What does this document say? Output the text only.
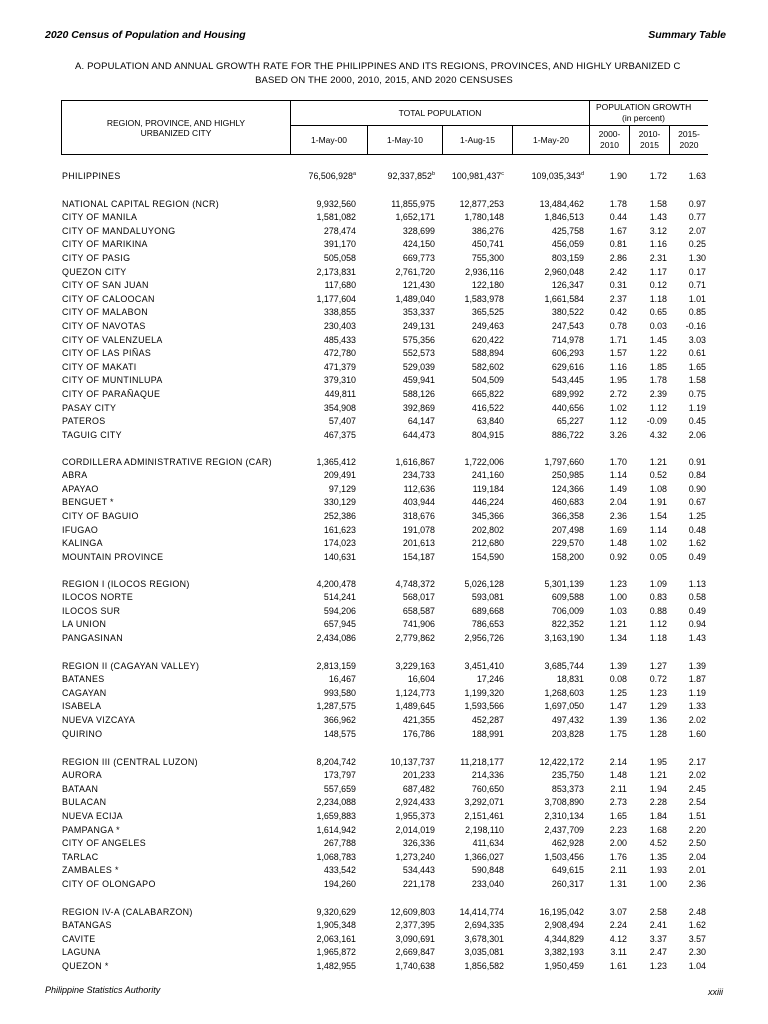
2020 Census of Population and Housing	Summary Table
A. POPULATION AND ANNUAL GROWTH RATE FOR THE PHILIPPINES AND ITS REGIONS, PROVINCES, AND HIGHLY URBANIZED C
BASED ON THE 2000, 2010, 2015, AND 2020 CENSUSES
REGION, PROVINCE, AND HIGHLY URBANIZED CITY
TOTAL POPULATION
1-May-00	1-May-10	1-Aug-15	1-May-20
POPULATION GROWTH
(in percent)
2000-
2010
2010-
2015
2015-
2020
PHILIPPINES	76,506,928$^a$	92,337,852$^b$ 100,981,437$^c$	109,035,343$^d$	1.90	1.72 1.63
NATIONAL CAPITAL REGION (NCR)	9,932,560	11,855,975	12,877,253	13,484,462	1.78	1.58 0.97
CITY OF MANILA	1,581,082	1,652,171	1,780,148	1,846,513	0.44	1.43 0.77
CITY OF MANDALUYONG	278,474	328,699	386,276	425,758	1.67	3.12 2.07
CITY OF MARIKINA	391,170	424,150	450,741	456,059	0.81	1.16 0.25
CITY OF PASIG	505,058	669,773	755,300	803,159	2.86	2.31 1.30
QUEZON CITY	2,173,831	2,761,720	2,936,116	2,960,048	2.42	1.17 0.17
CITY OF SAN JUAN	117,680	121,430	122,180	126,347	0.31	0.12 0.71
CITY OF CALOOCAN	1,177,604	1,489,040	1,583,978	1,661,584	2.37	1.18 1.01
CITY OF MALABON	338,855	353,337	365,525	380,522	0.42	0.65 0.85
CITY OF NAVOTAS	230,403	249,131	249,463	247,543	0.78	0.03 -0.16
CITY OF VALENZUELA	485,433	575,356	620,422	714,978	1.71	1.45 3.03
CITY OF LAS PIÑAS	472,780	552,573	588,894	606,293	1.57	1.22 0.61
CITY OF MAKATI	471,379	529,039	582,602	629,616	1.16	1.85 1.65
CITY OF MUNTINLUPA	379,310	459,941	504,509	543,445	1.95	1.78 1.58
CITY OF PARAÑAQUE	449,811	588,126	665,822	689,992	2.72	2.39 0.75
PASAY CITY	354,908	392,869	416,522	440,656	1.02	1.12 1.19
PATEROS	57,407	64,147	63,840	65,227	1.12 -0.09 0.45
TAGUIG CITY	467,375	644,473	804,915	886,722	3.26	4.32 2.06
CORDILLERA ADMINISTRATIVE REGION (CAR)	1,365,412	1,616,867	1,722,006	1,797,660	1.70	1.21 0.91
ABRA	209,491	234,733	241,160	250,985	1.14	0.52 0.84
APAYAO	97,129	112,636	119,184	124,366	1.49	1.08 0.90
BENGUET *	330,129	403,944	446,224	460,683	2.04	1.91 0.67
CITY OF BAGUIO	252,386	318,676	345,366	366,358	2.36	1.54 1.25
IFUGAO	161,623	191,078	202,802	207,498	1.69	1.14 0.48
KALINGA	174,023	201,613	212,680	229,570	1.48	1.02 1.62
MOUNTAIN PROVINCE	140,631	154,187	154,590	158,200	0.92	0.05 0.49
REGION I (ILOCOS REGION)	4,200,478	4,748,372	5,026,128	5,301,139	1.23	1.09 1.13
ILOCOS NORTE	514,241	568,017	593,081	609,588	1.00	0.83 0.58
ILOCOS SUR	594,206	658,587	689,668	706,009	1.03	0.88 0.49
LA UNION	657,945	741,906	786,653	822,352	1.21	1.12 0.94
PANGASINAN	2,434,086	2,779,862	2,956,726	3,163,190	1.34	1.18 1.43
REGION II (CAGAYAN VALLEY)	2,813,159	3,229,163	3,451,410	3,685,744	1.39	1.27 1.39
BATANES	16,467	16,604	17,246	18,831	0.08	0.72 1.87
CAGAYAN	993,580	1,124,773	1,199,320	1,268,603	1.25	1.23 1.19
ISABELA	1,287,575	1,489,645	1,593,566	1,697,050	1.47	1.29 1.33
NUEVA VIZCAYA	366,962	421,355	452,287	497,432	1.39	1.36 2.02
QUIRINO	148,575	176,786	188,991	203,828	1.75	1.28 1.60
REGION III (CENTRAL LUZON)	8,204,742	10,137,737	11,218,177	12,422,172	2.14	1.95 2.17
AURORA	173,797	201,233	214,336	235,750	1.48	1.21 2.02
BATAAN	557,659	687,482	760,650	853,373	2.11	1.94 2.45
BULACAN	2,234,088	2,924,433	3,292,071	3,708,890	2.73	2.28 2.54
NUEVA ECIJA	1,659,883	1,955,373	2,151,461	2,310,134	1.65	1.84 1.51
PAMPANGA *	1,614,942	2,014,019	2,198,110	2,437,709	2.23	1.68 2.20
CITY OF ANGELES	267,788	326,336	411,634	462,928	2.00	4.52 2.50
TARLAC	1,068,783	1,273,240	1,366,027	1,503,456	1.76	1.35 2.04
ZAMBALES *	433,542	534,443	590,848	649,615	2.11	1.93 2.01
CITY OF OLONGAPO	194,260	221,178	233,040	260,317	1.31	1.00 2.36
REGION IV-A (CALABARZON)	9,320,629	12,609,803	14,414,774	16,195,042	3.07	2.58 2.48
BATANGAS	1,905,348	2,377,395	2,694,335	2,908,494	2.24	2.41 1.62
CAVITE	2,063,161	3,090,691	3,678,301	4,344,829	4.12	3.37 3.57
LAGUNA	1,965,872	2,669,847	3,035,081	3,382,193	3.11	2.47 2.30
QUEZON *	1,482,955	1,740,638	1,856,582	1,950,459	1.61	1.23 1.04
Philippine Statistics Authority	xxiii
